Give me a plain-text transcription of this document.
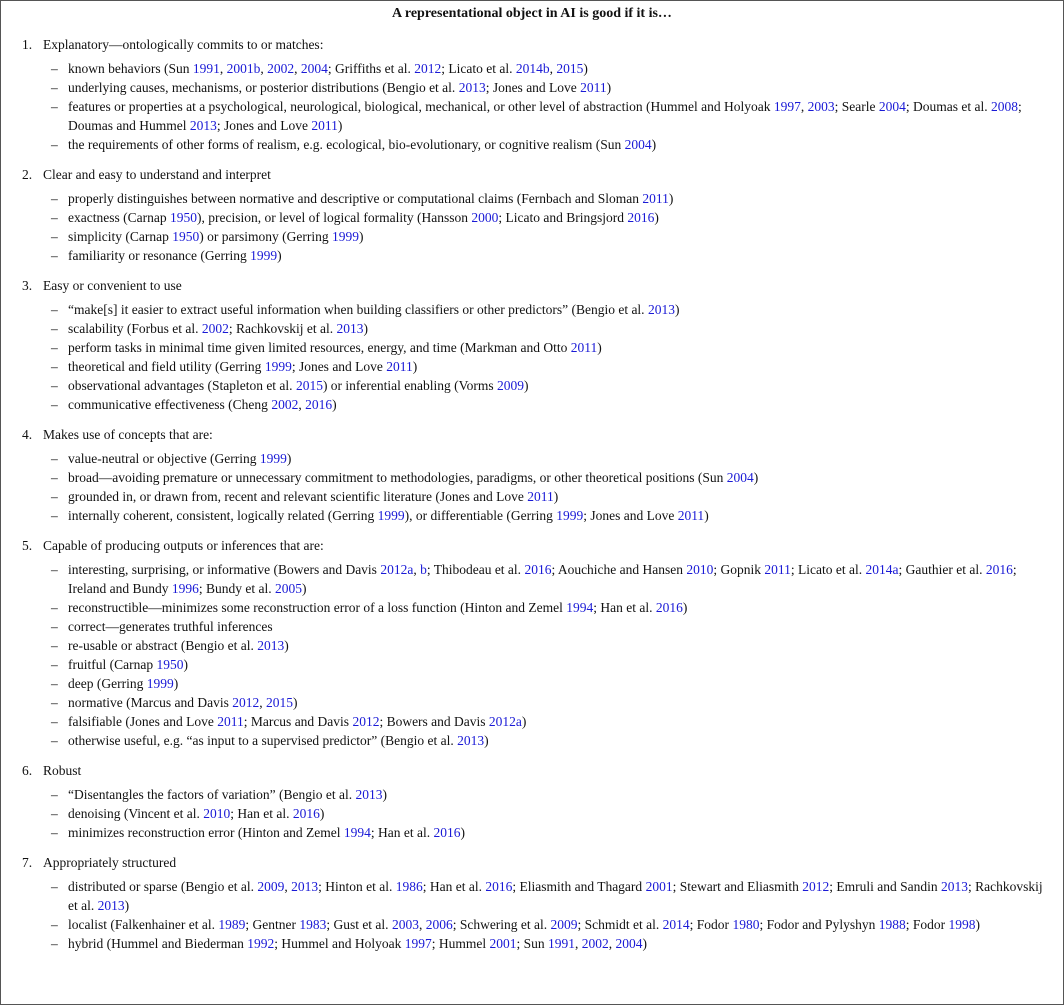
A representational object in AI is good if it is…
1. Explanatory—ontologically commits to or matches:
– known behaviors (Sun 1991, 2001b, 2002, 2004; Griffiths et al. 2012; Licato et al. 2014b, 2015)
– underlying causes, mechanisms, or posterior distributions (Bengio et al. 2013; Jones and Love 2011)
– features or properties at a psychological, neurological, biological, mechanical, or other level of abstraction (Hummel and Holyoak 1997, 2003; Searle 2004; Doumas et al. 2008; Doumas and Hummel 2013; Jones and Love 2011)
– the requirements of other forms of realism, e.g. ecological, bio-evolutionary, or cognitive realism (Sun 2004)
2. Clear and easy to understand and interpret
– properly distinguishes between normative and descriptive or computational claims (Fernbach and Sloman 2011)
– exactness (Carnap 1950), precision, or level of logical formality (Hansson 2000; Licato and Bringsjord 2016)
– simplicity (Carnap 1950) or parsimony (Gerring 1999)
– familiarity or resonance (Gerring 1999)
3. Easy or convenient to use
– “make[s] it easier to extract useful information when building classifiers or other predictors” (Bengio et al. 2013)
– scalability (Forbus et al. 2002; Rachkovskij et al. 2013)
– perform tasks in minimal time given limited resources, energy, and time (Markman and Otto 2011)
– theoretical and field utility (Gerring 1999; Jones and Love 2011)
– observational advantages (Stapleton et al. 2015) or inferential enabling (Vorms 2009)
– communicative effectiveness (Cheng 2002, 2016)
4. Makes use of concepts that are:
– value-neutral or objective (Gerring 1999)
– broad—avoiding premature or unnecessary commitment to methodologies, paradigms, or other theoretical positions (Sun 2004)
– grounded in, or drawn from, recent and relevant scientific literature (Jones and Love 2011)
– internally coherent, consistent, logically related (Gerring 1999), or differentiable (Gerring 1999; Jones and Love 2011)
5. Capable of producing outputs or inferences that are:
– interesting, surprising, or informative (Bowers and Davis 2012a, b; Thibodeau et al. 2016; Aouchiche and Hansen 2010; Gopnik 2011; Licato et al. 2014a; Gauthier et al. 2016; Ireland and Bundy 1996; Bundy et al. 2005)
– reconstructible—minimizes some reconstruction error of a loss function (Hinton and Zemel 1994; Han et al. 2016)
– correct—generates truthful inferences
– re-usable or abstract (Bengio et al. 2013)
– fruitful (Carnap 1950)
– deep (Gerring 1999)
– normative (Marcus and Davis 2012, 2015)
– falsifiable (Jones and Love 2011; Marcus and Davis 2012; Bowers and Davis 2012a)
– otherwise useful, e.g. “as input to a supervised predictor” (Bengio et al. 2013)
6. Robust
– “Disentangles the factors of variation” (Bengio et al. 2013)
– denoising (Vincent et al. 2010; Han et al. 2016)
– minimizes reconstruction error (Hinton and Zemel 1994; Han et al. 2016)
7. Appropriately structured
– distributed or sparse (Bengio et al. 2009, 2013; Hinton et al. 1986; Han et al. 2016; Eliasmith and Thagard 2001; Stewart and Eliasmith 2012; Emruli and Sandin 2013; Rachkovskij et al. 2013)
– localist (Falkenhainer et al. 1989; Gentner 1983; Gust et al. 2003, 2006; Schwering et al. 2009; Schmidt et al. 2014; Fodor 1980; Fodor and Pylyshyn 1988; Fodor 1998)
– hybrid (Hummel and Biederman 1992; Hummel and Holyoak 1997; Hummel 2001; Sun 1991, 2002, 2004)
